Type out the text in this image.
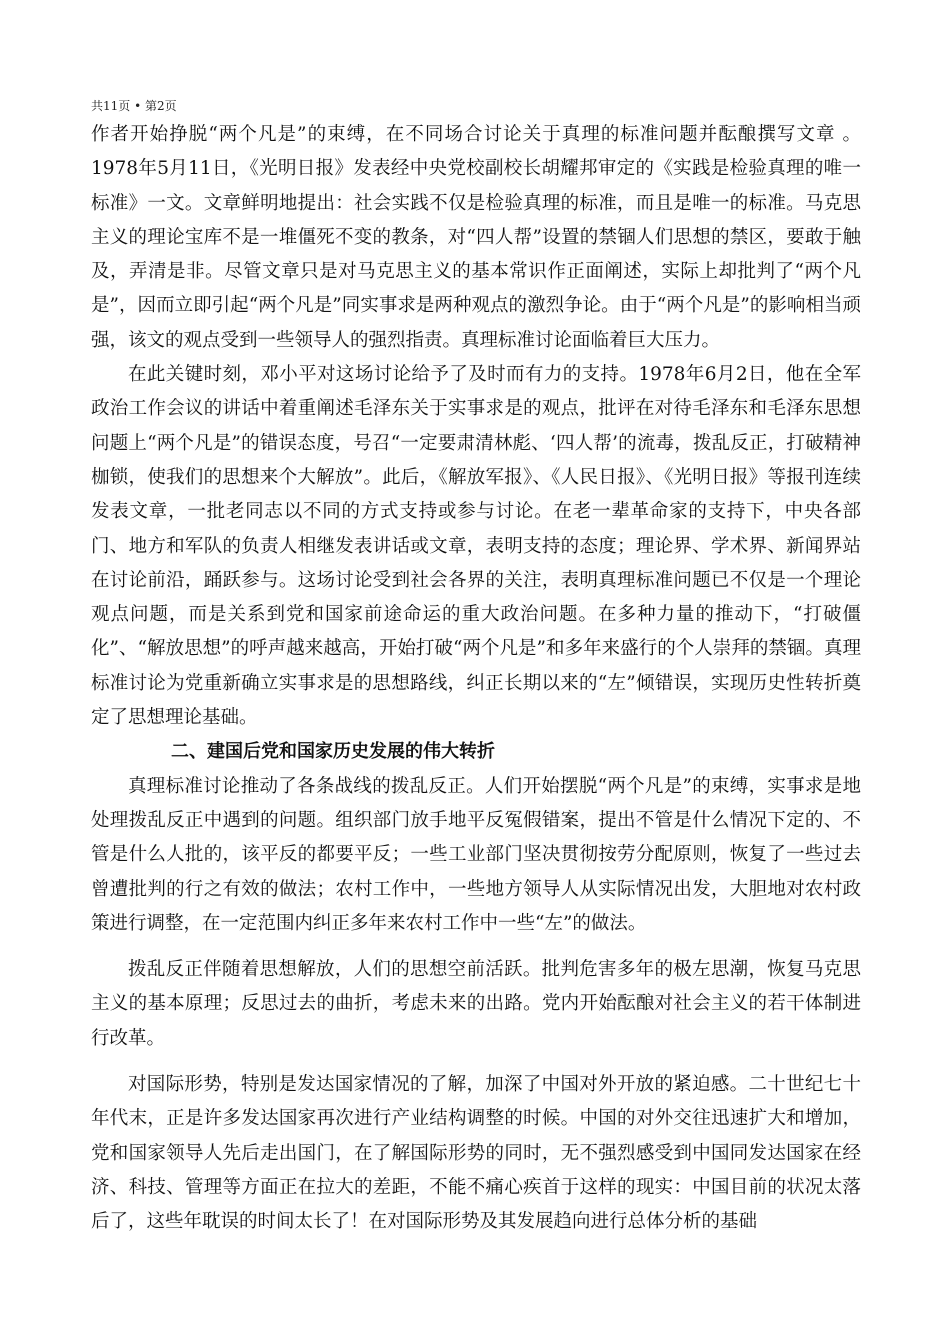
共11页 • 第2页

作者开始挣脱“两个凡是”的束缚，在不同场合讨论关于真理的标准问题并酝酿撰写文章 。1978年5月11日，《光明日报》发表经中央党校副校长胡耀邦审定的《实践是检验真理的唯一标准》一文。文章鲜明地提出：社会实践不仅是检验真理的标准，而且是唯一的标准。马克思主义的理论宝库不是一堆僵死不变的教条，对“四人帮”设置的禁锢人们思想的禁区，要敢于触及，弄清是非。尽管文章只是对马克思主义的基本常识作正面阐述，实际上却批判了“两个凡是”，因而立即引起“两个凡是”同实事求是两种观点的激烈争论。由于“两个凡是”的影响相当顽强，该文的观点受到一些领导人的强烈指责。真理标准讨论面临着巨大压力。

在此关键时刻，邓小平对这场讨论给予了及时而有力的支持。1978年6月2日，他在全军政治工作会议的讲话中着重阐述毛泽东关于实事求是的观点，批评在对待毛泽东和毛泽东思想问题上“两个凡是”的错误态度，号召“一定要肃清林彪、‘四人帮’的流毒，拨乱反正，打破精神枷锁，使我们的思想来个大解放”。此后，《解放军报》、《人民日报》、《光明日报》等报刊连续发表文章，一批老同志以不同的方式支持或参与讨论。在老一辈革命家的支持下，中央各部门、地方和军队的负责人相继发表讲话或文章，表明支持的态度；理论界、学术界、新闻界站在讨论前沿，踊跃参与。这场讨论受到社会各界的关注，表明真理标准问题已不仅是一个理论观点问题，而是关系到党和国家前途命运的重大政治问题。在多种力量的推动下，“打破僵化”、“解放思想”的呼声越来越高，开始打破“两个凡是”和多年来盛行的个人崇拜的禁锢。真理标准讨论为党重新确立实事求是的思想路线，纠正长期以来的“左”倾错误，实现历史性转折奠定了思想理论基础。

二、建国后党和国家历史发展的伟大转折

真理标准讨论推动了各条战线的拨乱反正。人们开始摆脱“两个凡是”的束缚，实事求是地处理拨乱反正中遇到的问题。组织部门放手地平反冤假错案，提出不管是什么情况下定的、不管是什么人批的，该平反的都要平反；一些工业部门坚决贯彻按劳分配原则，恢复了一些过去曾遭批判的行之有效的做法；农村工作中，一些地方领导人从实际情况出发，大胆地对农村政策进行调整，在一定范围内纠正多年来农村工作中一些“左”的做法。

拨乱反正伴随着思想解放，人们的思想空前活跃。批判危害多年的极左思潮，恢复马克思主义的基本原理；反思过去的曲折，考虑未来的出路。党内开始酝酿对社会主义的若干体制进行改革。

对国际形势，特别是发达国家情况的了解，加深了中国对外开放的紧迫感。二十世纪七十年代末，正是许多发达国家再次进行产业结构调整的时候。中国的对外交往迅速扩大和增加，党和国家领导人先后走出国门，在了解国际形势的同时，无不强烈感受到中国同发达国家在经济、科技、管理等方面正在拉大的差距，不能不痛心疾首于这样的现实：中国目前的状况太落后了，这些年耽误的时间太长了！在对国际形势及其发展趋向进行总体分析的基础
